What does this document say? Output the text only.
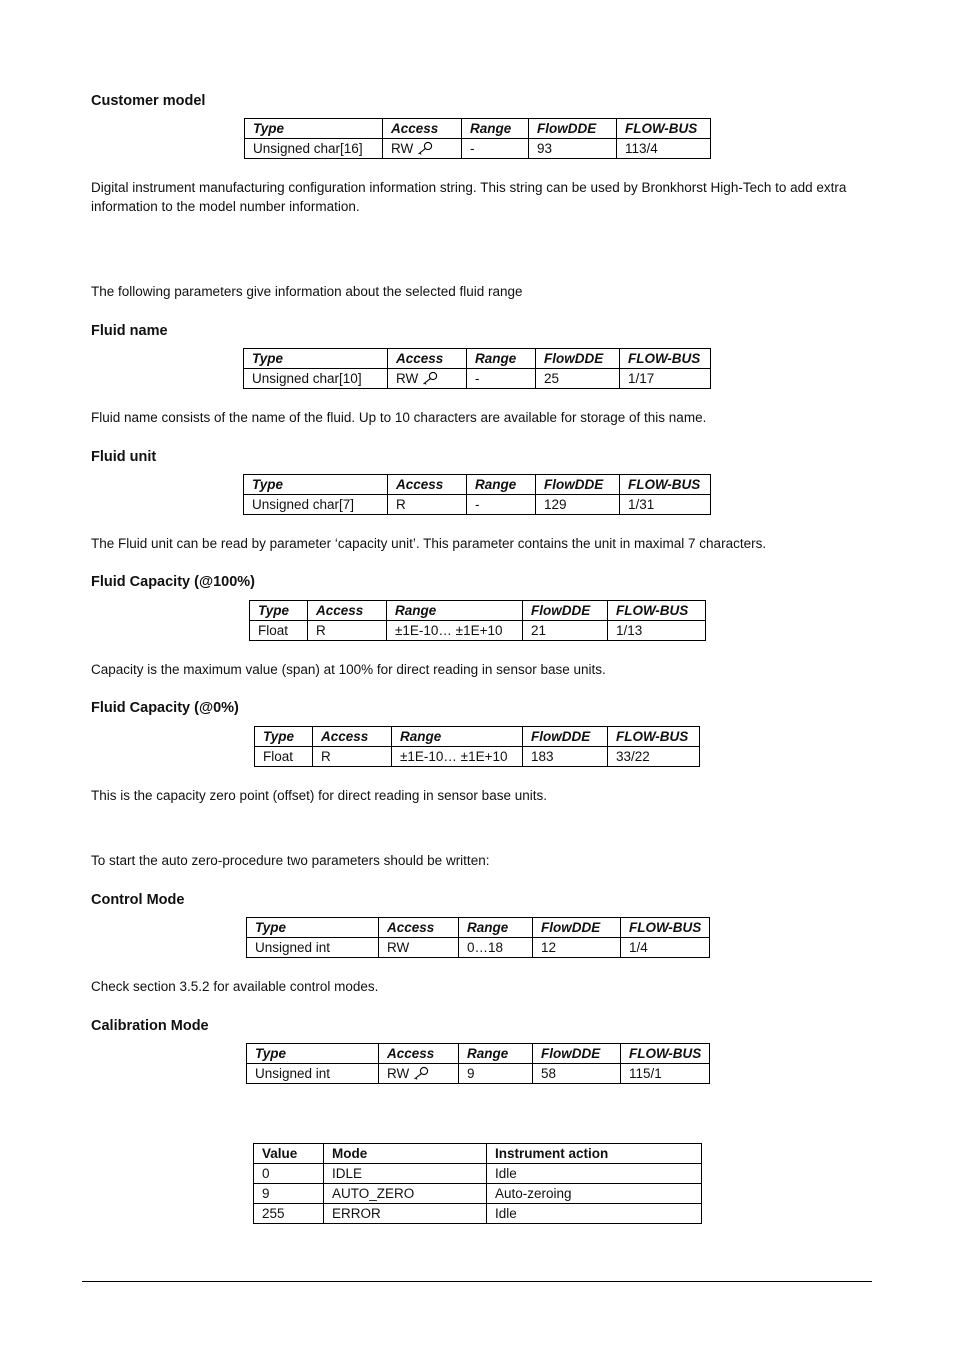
Customer model
Type	Access	Range	FlowDDE	FLOW-BUS
Unsigned char[16]	RW	-	93	113/4

Digital instrument manufacturing configuration information string. This string can be used by Bronkhorst High-Tech to add extra information to the model number information.

The following parameters give information about the selected fluid range

Fluid name
Type	Access	Range	FlowDDE	FLOW-BUS
Unsigned char[10]	RW	-	25	1/17

Fluid name consists of the name of the fluid. Up to 10 characters are available for storage of this name.

Fluid unit
Type	Access	Range	FlowDDE	FLOW-BUS
Unsigned char[7]	R	-	129	1/31

The Fluid unit can be read by parameter ‘capacity unit’. This parameter contains the unit in maximal 7 characters.

Fluid Capacity (@100%)
Type	Access	Range	FlowDDE	FLOW-BUS
Float	R	±1E-10… ±1E+10	21	1/13

Capacity is the maximum value (span) at 100% for direct reading in sensor base units.

Fluid Capacity (@0%)
Type	Access	Range	FlowDDE	FLOW-BUS
Float	R	±1E-10… ±1E+10	183	33/22

This is the capacity zero point (offset) for direct reading in sensor base units.

To start the auto zero-procedure two parameters should be written:

Control Mode
Type	Access	Range	FlowDDE	FLOW-BUS
Unsigned int	RW	0…18	12	1/4

Check section 3.5.2 for available control modes.

Calibration Mode
Type	Access	Range	FlowDDE	FLOW-BUS
Unsigned int	RW	9	58	115/1
Value	Mode	Instrument action
0	IDLE	Idle
9	AUTO_ZERO	Auto-zeroing
255	ERROR	Idle
